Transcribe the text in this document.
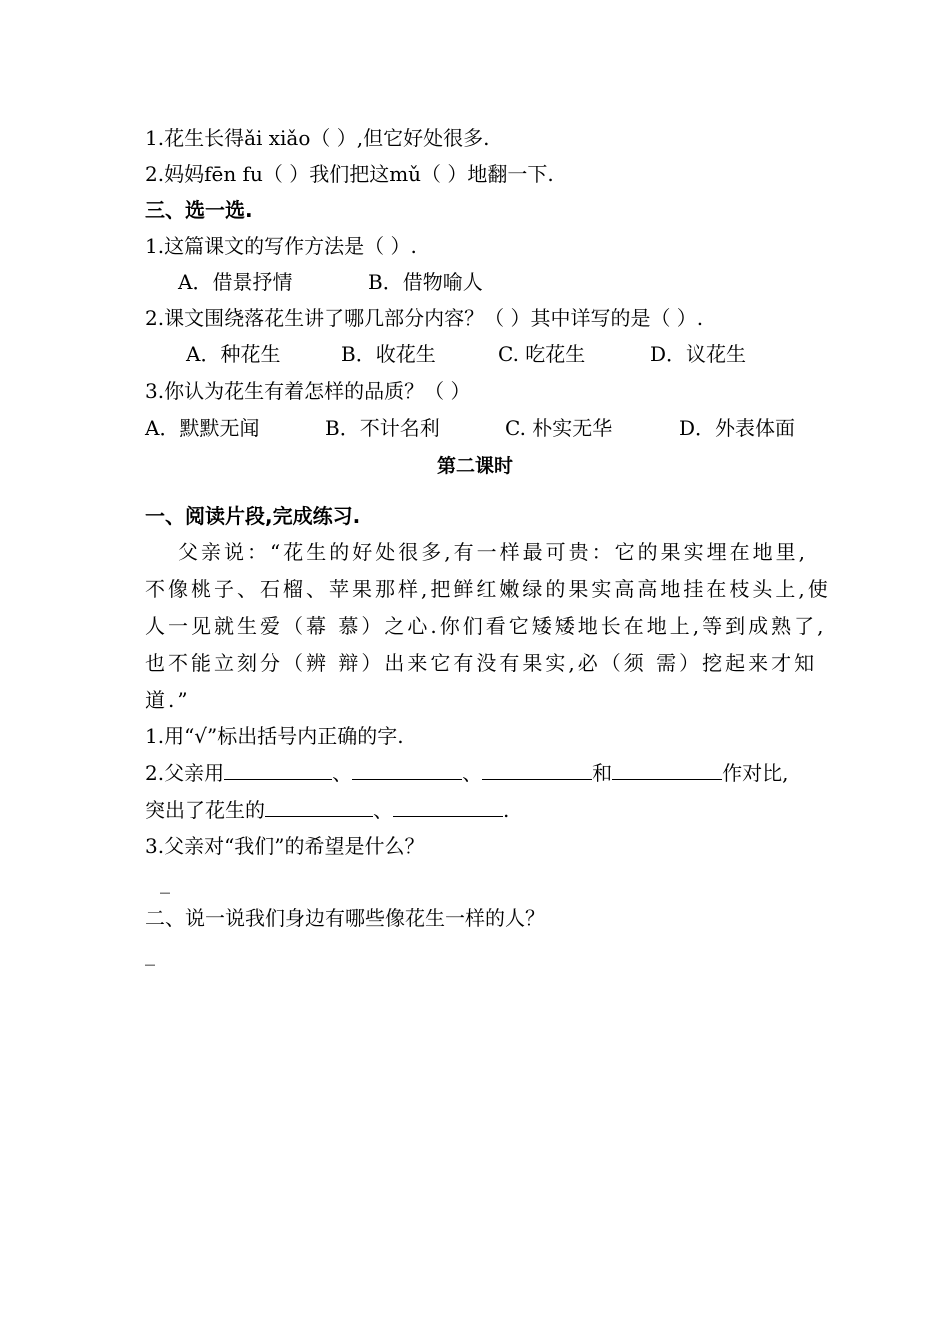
1.花生长得ǎi xiǎo（ ）,但它好处很多.
2.妈妈fēn fu（ ）我们把这mǔ（ ）地翻一下.
三、选一选.
1.这篇课文的写作方法是（ ）.
A．借景抒情	B．借物喻人
2.课文围绕落花生讲了哪几部分内容？（ ）其中详写的是（ ）.
A．种花生	B．收花生	C. 吃花生	D．议花生
3.你认为花生有着怎样的品质？（ ）
A．默默无闻	B．不计名利	C. 朴实无华	D．外表体面
第二课时
一、阅读片段,完成练习.
父亲说：“花生的好处很多,有一样最可贵：它的果实埋在地里,
不像桃子、石榴、苹果那样,把鲜红嫩绿的果实高高地挂在枝头上,使
人一见就生爱（幕 慕）之心.你们看它矮矮地长在地上,等到成熟了,
也不能立刻分（辨 辩）出来它有没有果实,必（须 需）挖起来才知
道.”
1.用“√”标出括号内正确的字.
2.父亲用	、	、	和	作对比,
突出了花生的	、	.
3.父亲对“我们”的希望是什么？
_
二、说一说我们身边有哪些像花生一样的人？
_
